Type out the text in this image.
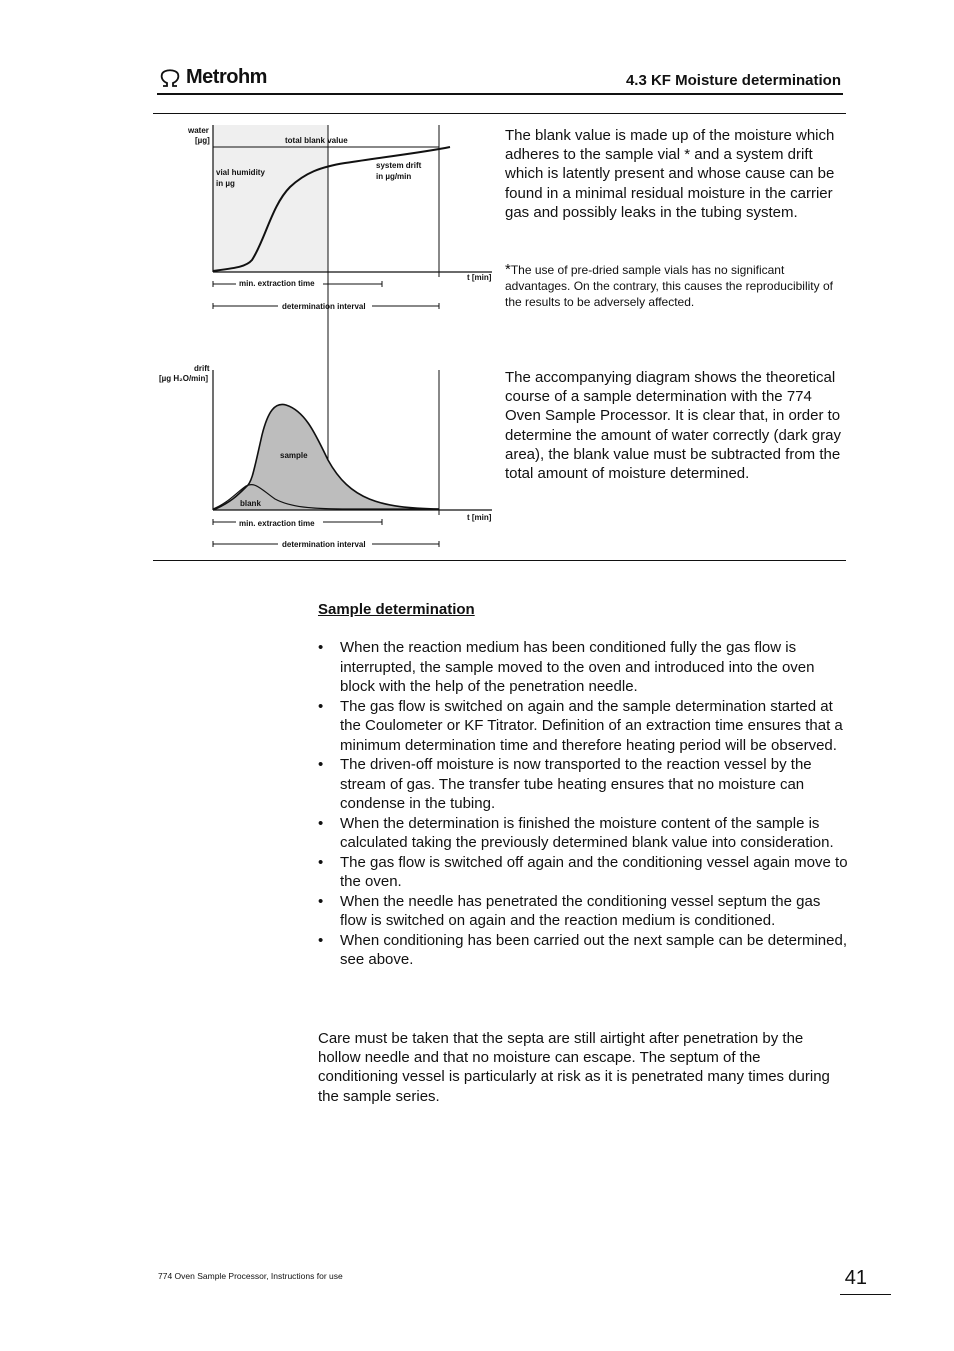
Metrohm	4.3 KF Moisture determination
water
[µg]	total blank value
vial humidity
in µg
system drift
in µg/min
t [min]
min. extraction time
determination interval
drift
[µg H₂O/min]
sample
blank
t [min]
min. extraction time
determination interval
The blank value is made up of the moisture which adheres to the sample vial * and a system drift which is latently present and whose cause can be found in a minimal residual moisture in the carrier gas and possibly leaks in the tubing system.
*The use of pre-dried sample vials has no significant advantages. On the contrary, this causes the reproducibility of the results to be adversely affected.
The accompanying diagram shows the theoretical course of a sample determination with the 774 Oven Sample Processor. It is clear that, in order to determine the amount of water correctly (dark gray area), the blank value must be subtracted from the total amount of moisture determined.
Sample determination
• When the reaction medium has been conditioned fully the gas flow is interrupted, the sample moved to the oven and introduced into the oven block with the help of the penetration needle.
• The gas flow is switched on again and the sample determination started at the Coulometer or KF Titrator. Definition of an extraction time ensures that a minimum determination time and therefore heating period will be observed.
• The driven-off moisture is now transported to the reaction vessel by the stream of gas. The transfer tube heating ensures that no moisture can condense in the tubing.
• When the determination is finished the moisture content of the sample is calculated taking the previously determined blank value into consideration.
• The gas flow is switched off again and the conditioning vessel again move to the oven.
• When the needle has penetrated the conditioning vessel septum the gas flow is switched on again and the reaction medium is conditioned.
• When conditioning has been carried out the next sample can be determined, see above.
Care must be taken that the septa are still airtight after penetration by the hollow needle and that no moisture can escape. The septum of the conditioning vessel is particularly at risk as it is penetrated many times during the sample series.
774 Oven Sample Processor, Instructions for use	41
